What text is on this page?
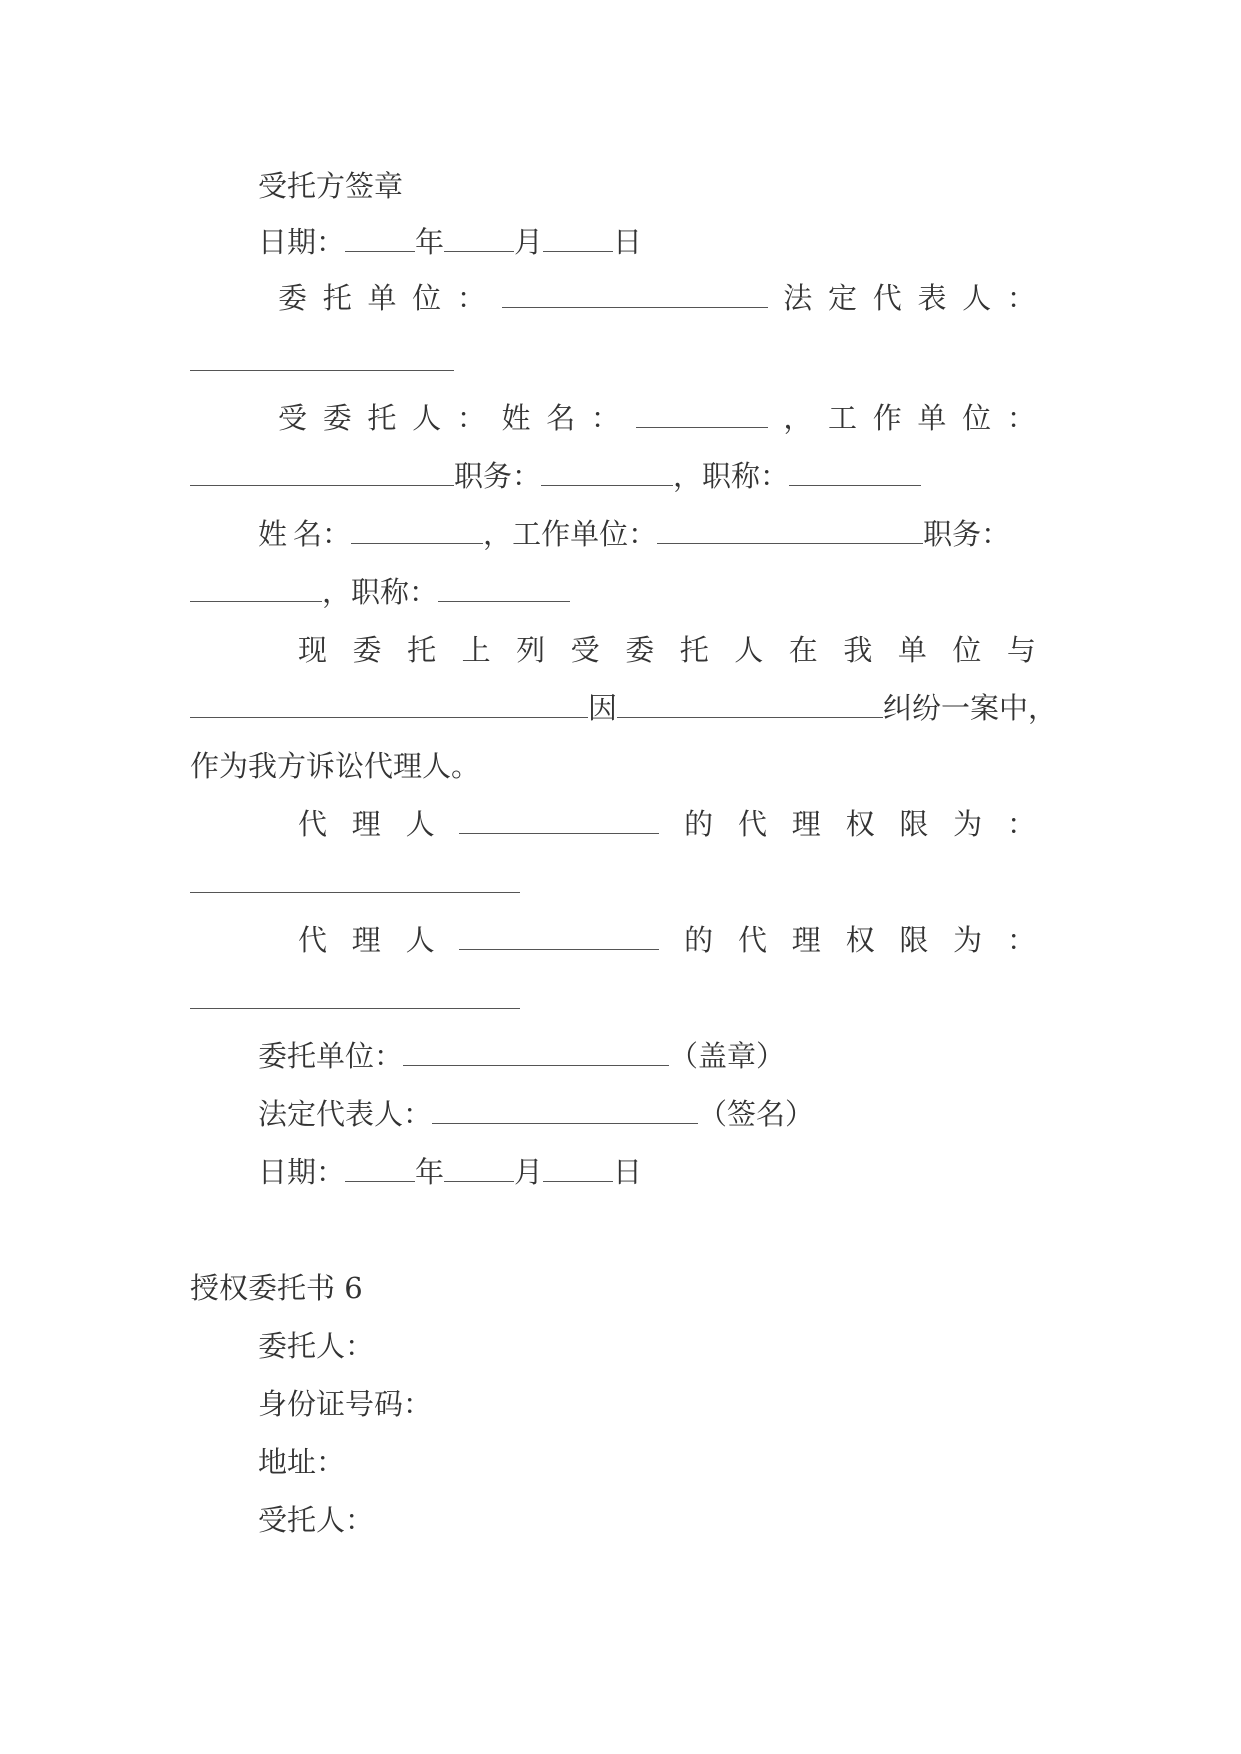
受托方签章
日期： 年 月 日
委 托 单 位 ：	法 定 代 表 人 ：
受 委 托 人 ： 姓 名 ：	， 工 作 单 位 ：
职务：	，职称：
姓 名：	，工作单位：	职务：
，职称：
现 委 托 上 列 受 委 托 人 在 我 单 位 与
因	纠纷一案中，
作为我方诉讼代理人。
代 理 人	的 代 理 权 限 为 ：
代 理 人	的 代 理 权 限 为 ：
委托单位：	（盖章）
法定代表人：	（签名）
日期： 年 月 日
授权委托书 6
委托人：
身份证号码：
地址：
受托人：
